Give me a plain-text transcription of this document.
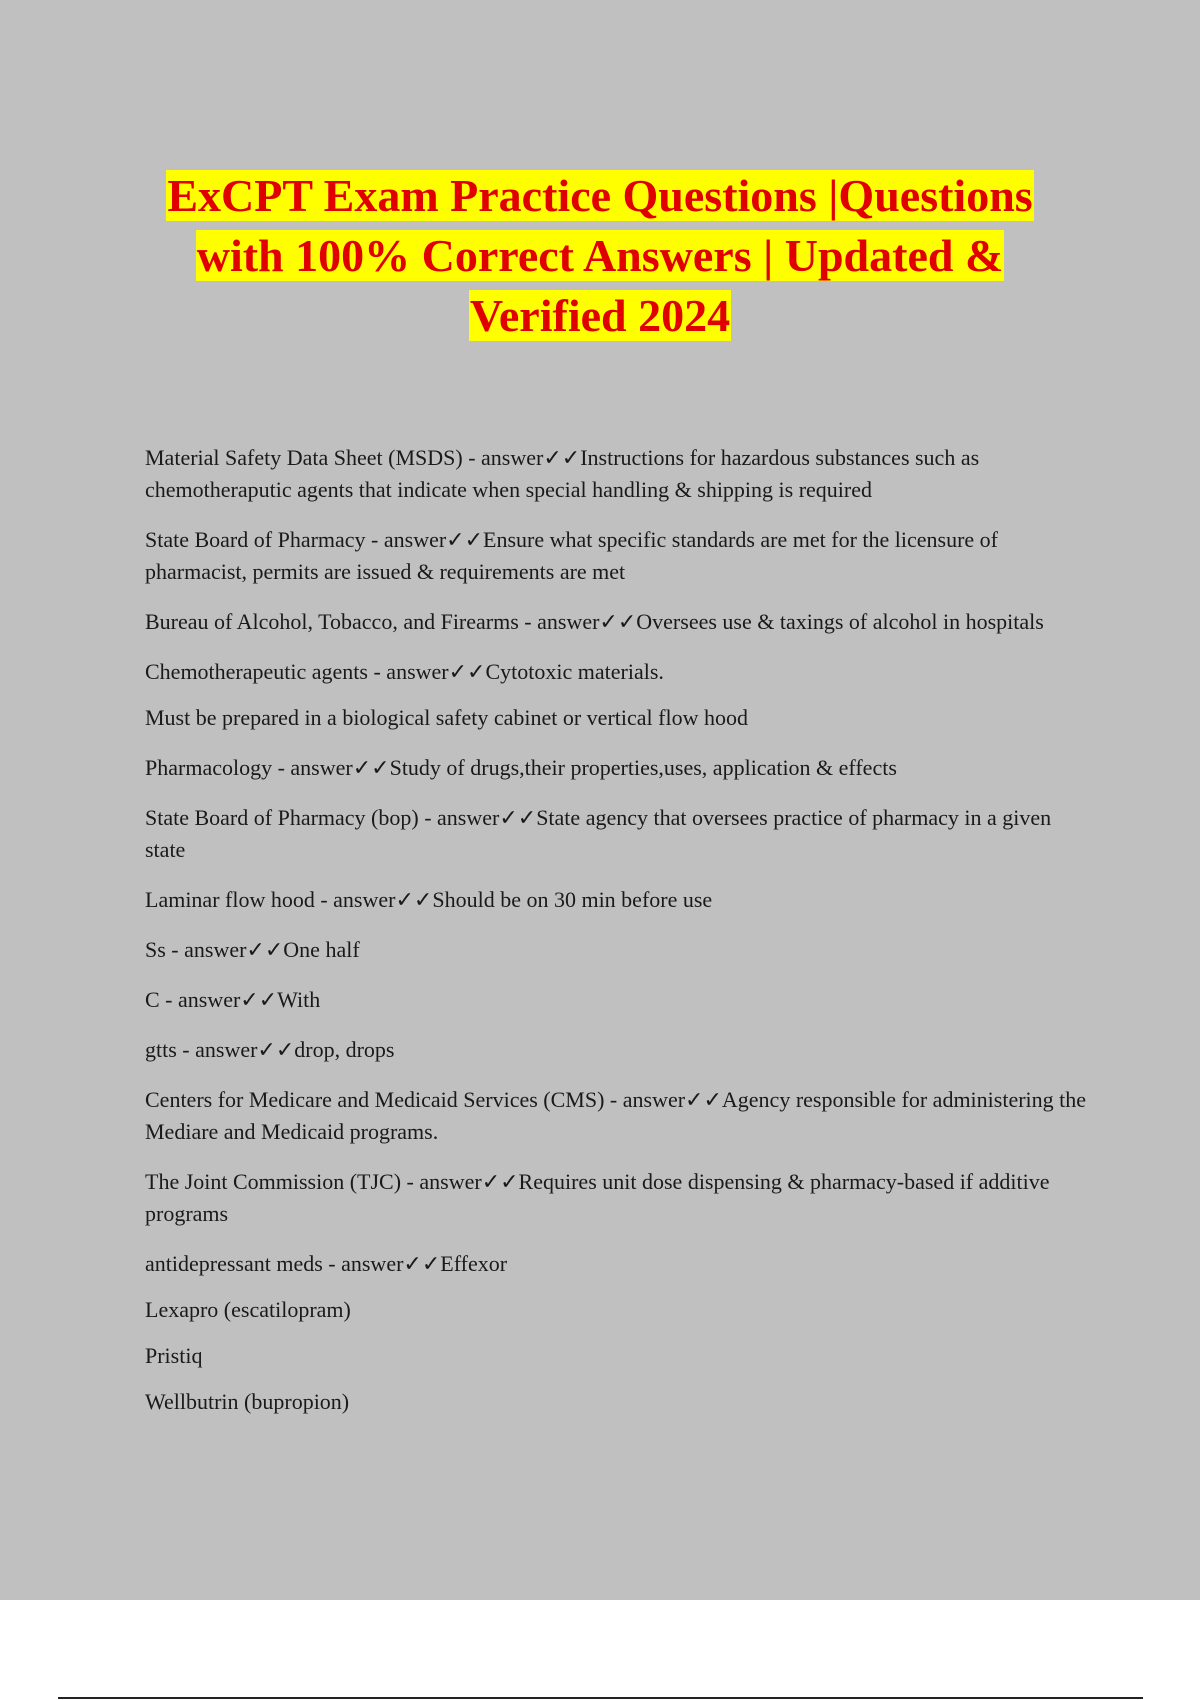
ExCPT Exam Practice Questions |Questions
with 100% Correct Answers | Updated &
Verified 2024

Material Safety Data Sheet (MSDS) - answer✓✓Instructions for hazardous substances such as chemotheraputic agents that indicate when special handling & shipping is required

State Board of Pharmacy - answer✓✓Ensure what specific standards are met for the licensure of pharmacist, permits are issued & requirements are met

Bureau of Alcohol, Tobacco, and Firearms - answer✓✓Oversees use & taxings of alcohol in hospitals

Chemotherapeutic agents - answer✓✓Cytotoxic materials.

Must be prepared in a biological safety cabinet or vertical flow hood

Pharmacology - answer✓✓Study of drugs,their properties,uses, application & effects

State Board of Pharmacy (bop) - answer✓✓State agency that oversees practice of pharmacy in a given state

Laminar flow hood - answer✓✓Should be on 30 min before use

Ss - answer✓✓One half

C - answer✓✓With

gtts - answer✓✓drop, drops

Centers for Medicare and Medicaid Services (CMS) - answer✓✓Agency responsible for administering the Mediare and Medicaid programs.

The Joint Commission (TJC) - answer✓✓Requires unit dose dispensing & pharmacy-based if additive programs

antidepressant meds - answer✓✓Effexor

Lexapro (escatilopram)

Pristiq

Wellbutrin (bupropion)
